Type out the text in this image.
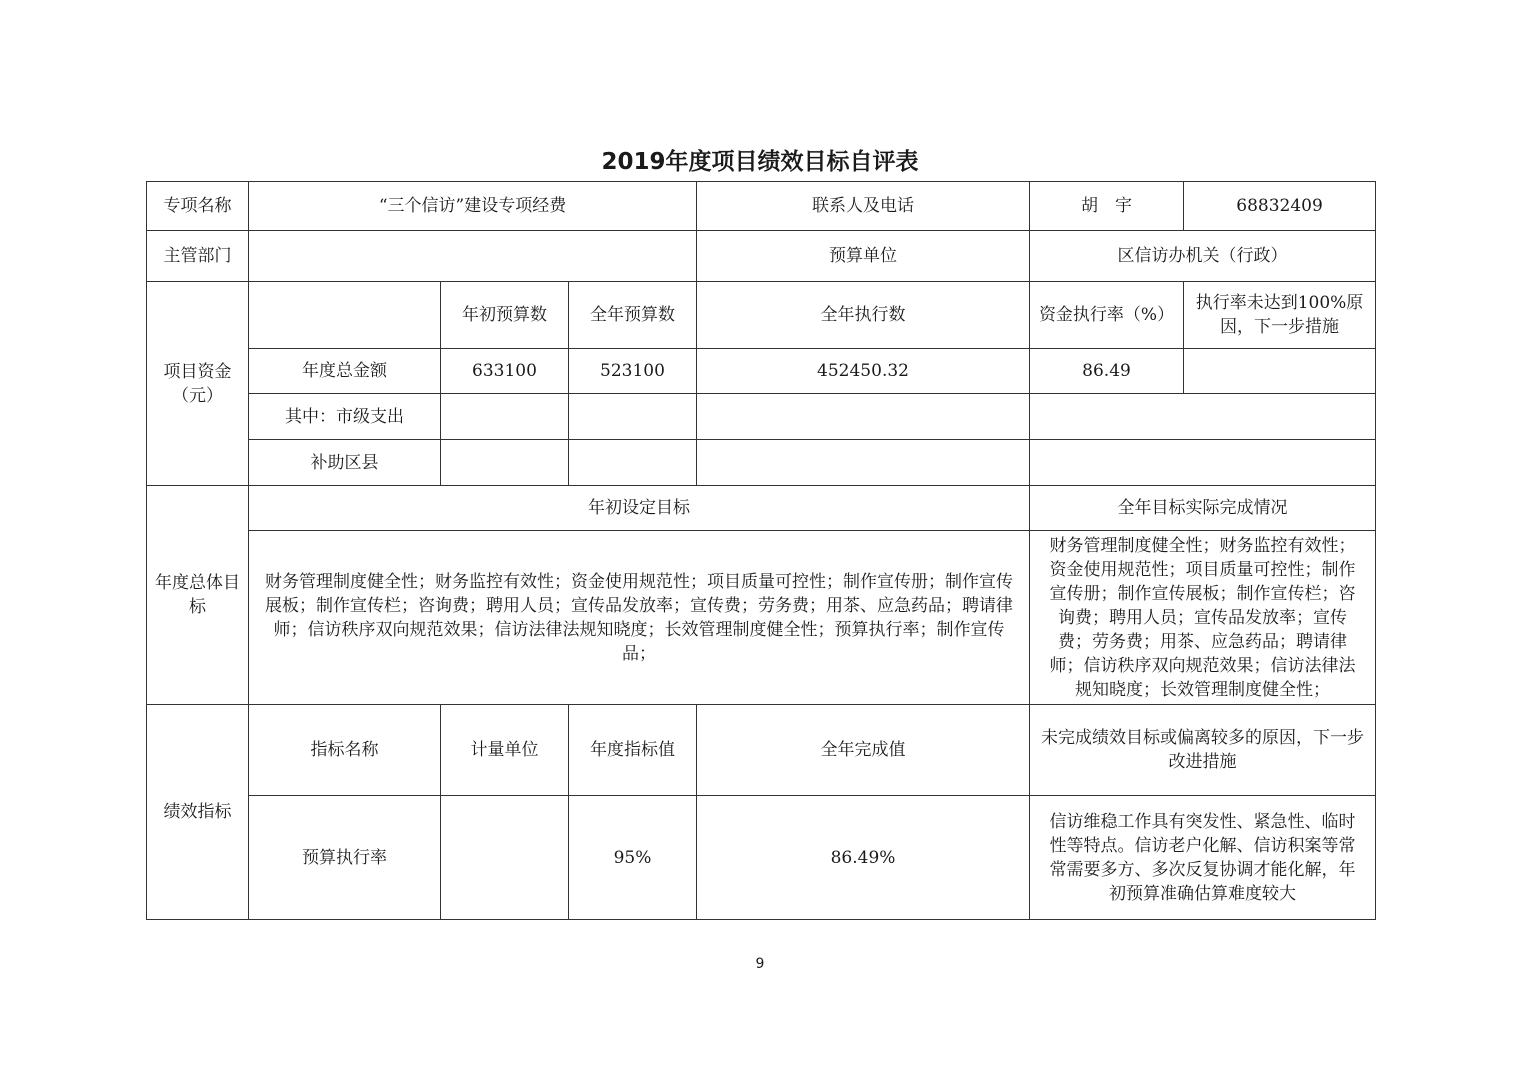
2019年度项目绩效目标自评表
专项名称	“三个信访”建设专项经费			联系人及电话	胡　宇	68832409
主管部门				预算单位	区信访办机关（行政）	
项目资金（元）		年初预算数	全年预算数	全年执行数	资金执行率（%）	执行率未达到100%原因，下一步措施
	年度总金额	633100	523100	452450.32	86.49	
	其中：市级支出					
	补助区县					
年度总体目标	年初设定目标				全年目标实际完成情况	
	财务管理制度健全性；财务监控有效性；资金使用规范性；项目质量可控性；制作宣传册；制作宣传展板；制作宣传栏；咨询费；聘用人员；宣传品发放率；宣传费；劳务费；用茶、应急药品；聘请律师；信访秩序双向规范效果；信访法律法规知晓度；长效管理制度健全性；预算执行率；制作宣传品；				财务管理制度健全性；财务监控有效性；资金使用规范性；项目质量可控性；制作宣传册；制作宣传展板；制作宣传栏；咨询费；聘用人员；宣传品发放率；宣传费；劳务费；用茶、应急药品；聘请律师；信访秩序双向规范效果；信访法律法规知晓度；长效管理制度健全性；	
绩效指标	指标名称	计量单位	年度指标值	全年完成值	未完成绩效目标或偏离较多的原因，下一步改进措施	
	预算执行率		95%	86.49%	信访维稳工作具有突发性、紧急性、临时性等特点。信访老户化解、信访积案等常常需要多方、多次反复协调才能化解，年初预算准确估算难度较大	
9
